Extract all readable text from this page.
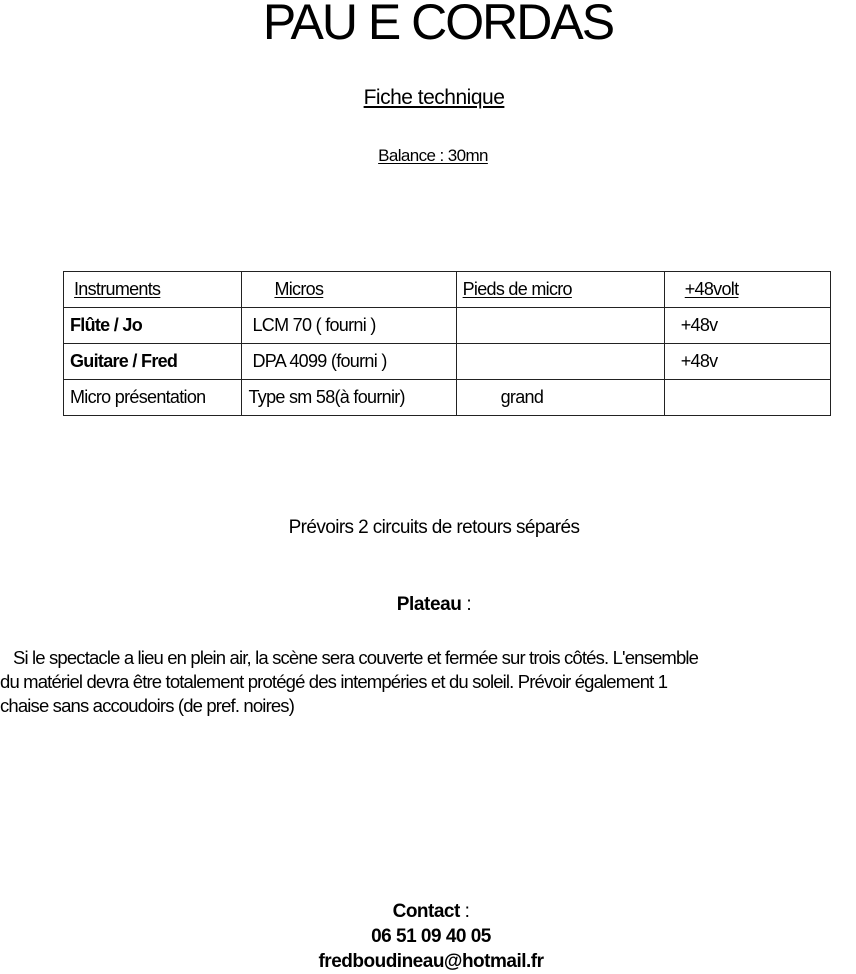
PAU E CORDAS
Fiche technique
Balance : 30mn
Instruments	Micros	Pieds de micro	+48volt
Flûte / Jo	LCM 70 ( fourni )		+48v
Guitare / Fred	DPA 4099 (fourni )		+48v
Micro présentation	Type sm 58(à fournir)	grand	
Prévoirs 2 circuits de retours séparés
Plateau :
Si le spectacle a lieu en plein air, la scène sera couverte et fermée sur trois côtés. L'ensemble
du matériel devra être totalement protégé des intempéries et du soleil. Prévoir également 1
chaise sans accoudoirs (de pref. noires)
Contact :
06 51 09 40 05
fredboudineau@hotmail.fr
